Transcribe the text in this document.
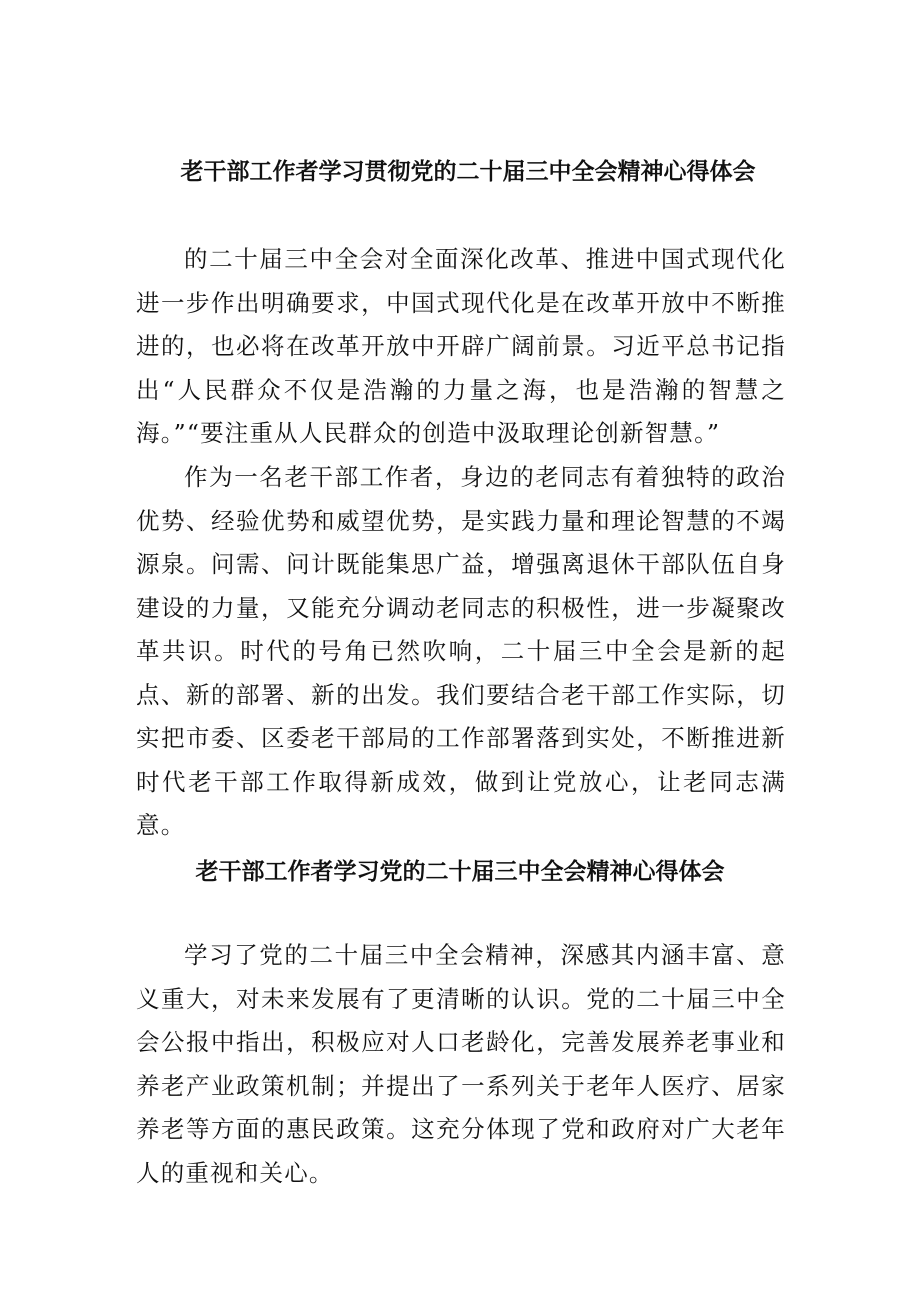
老干部工作者学习贯彻党的二十届三中全会精神心得体会

的二十届三中全会对全面深化改革、推进中国式现代化进一步作出明确要求，中国式现代化是在改革开放中不断推进的，也必将在改革开放中开辟广阔前景。习近平总书记指出“人民群众不仅是浩瀚的力量之海，也是浩瀚的智慧之海。”“要注重从人民群众的创造中汲取理论创新智慧。”

作为一名老干部工作者，身边的老同志有着独特的政治优势、经验优势和威望优势，是实践力量和理论智慧的不竭源泉。问需、问计既能集思广益，增强离退休干部队伍自身建设的力量，又能充分调动老同志的积极性，进一步凝聚改革共识。时代的号角已然吹响，二十届三中全会是新的起点、新的部署、新的出发。我们要结合老干部工作实际，切实把市委、区委老干部局的工作部署落到实处，不断推进新时代老干部工作取得新成效，做到让党放心，让老同志满意。

老干部工作者学习党的二十届三中全会精神心得体会

学习了党的二十届三中全会精神，深感其内涵丰富、意义重大，对未来发展有了更清晰的认识。党的二十届三中全会公报中指出，积极应对人口老龄化，完善发展养老事业和养老产业政策机制；并提出了一系列关于老年人医疗、居家养老等方面的惠民政策。这充分体现了党和政府对广大老年人的重视和关心。
